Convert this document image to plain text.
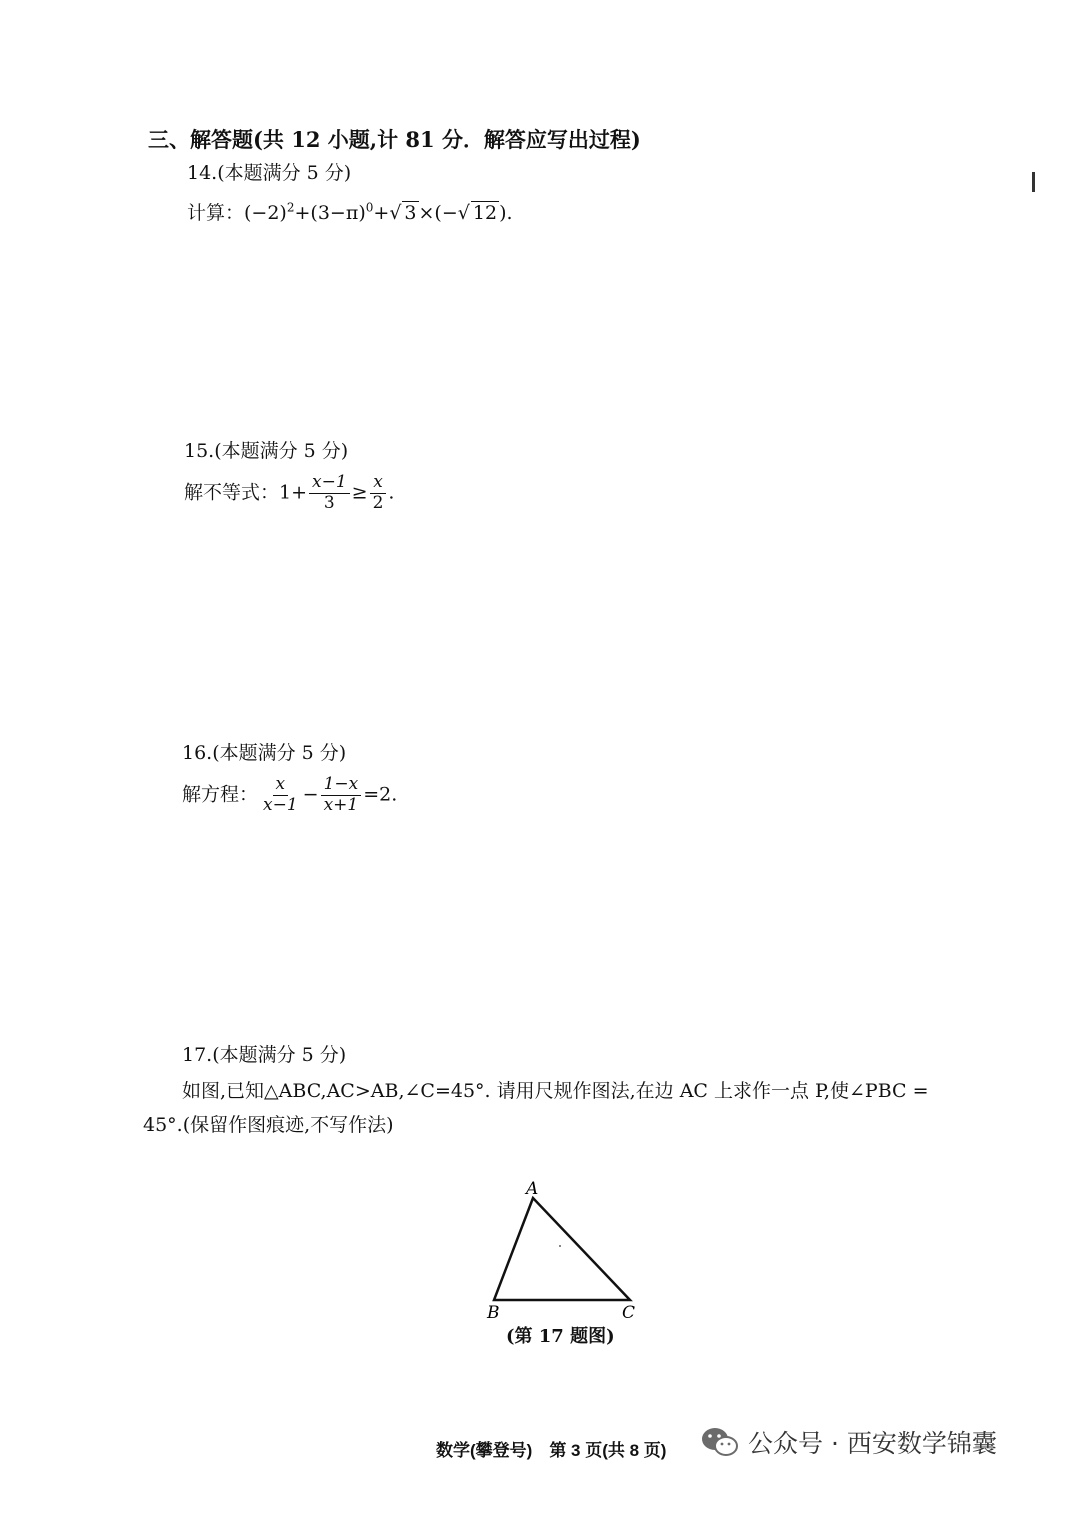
三、解答题(共 12 小题,计 81 分．解答应写出过程)
14.(本题满分 5 分)
计算：$(-2)^2+(3-\pi)^0+√$ 3 ×(−√ 12 ).
15.(本题满分 5 分)
解不等式：$1+ \frac{x-1}{3} \ge \frac{x}{2}$ .
16.(本题满分 5 分)
解方程： $\frac{x}{x-1} - \frac{1-x}{x+1} =2$.
17.(本题满分 5 分)
如图,已知△ABC,AC>AB,∠C=45°. 请用尺规作图法,在边 AC 上求作一点 P,使∠PBC =
45°.(保留作图痕迹,不写作法)
A
B	C
(第 17 题图)
数学(攀登号)　第 3 页(共 8 页)	公众号 · 西安数学锦囊
